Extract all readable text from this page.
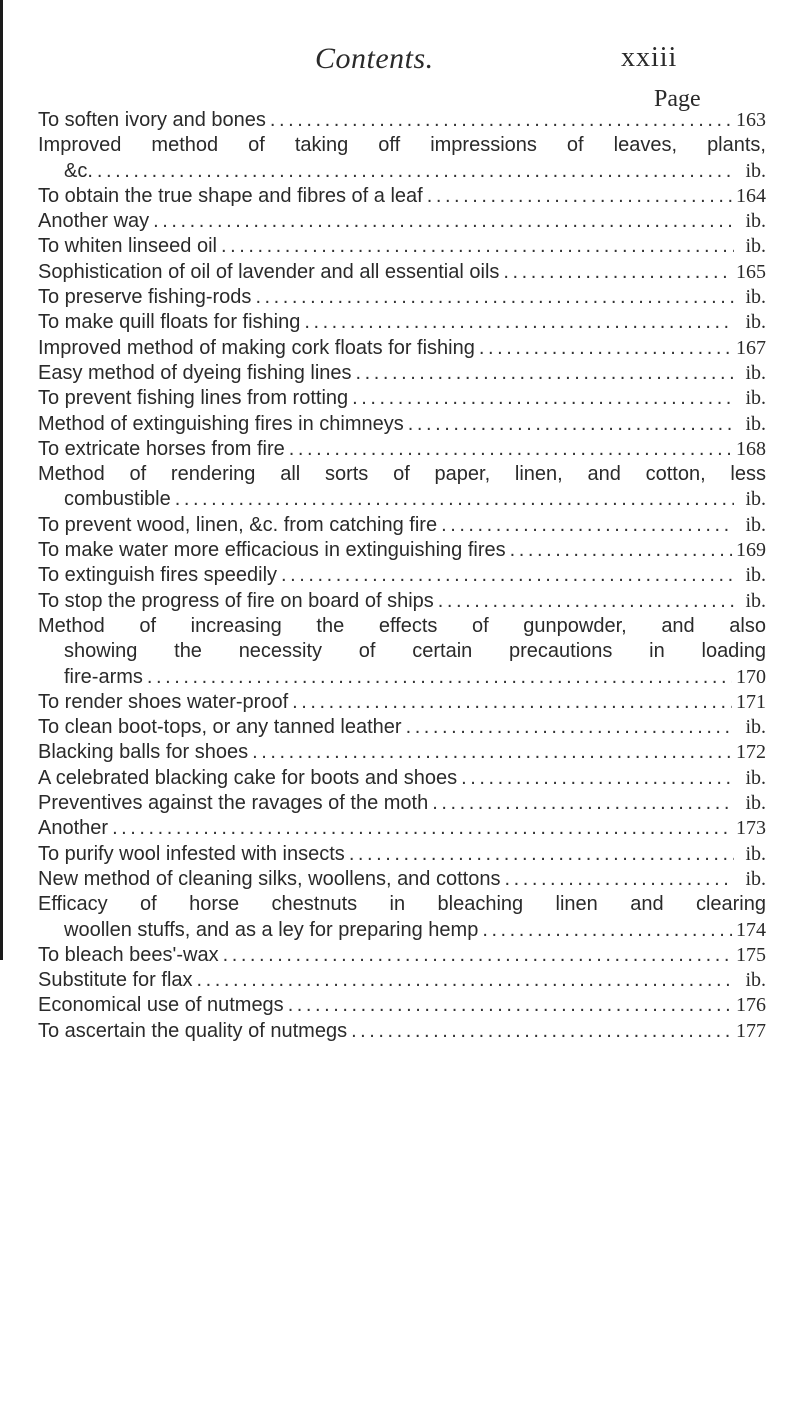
Contents.	xxiii
Page
To soften ivory and bones . . .	163
Improved method of taking off impressions of leaves, plants,
&c. . . .	ib.
To obtain the true shape and fibres of a leaf . . .	164
Another way . . .	ib.
To whiten linseed oil . . .	ib.
Sophistication of oil of lavender and all essential oils . . .	165
To preserve fishing-rods . . .	ib.
To make quill floats for fishing . . .	ib.
Improved method of making cork floats for fishing . . .	167
Easy method of dyeing fishing lines . . .	ib.
To prevent fishing lines from rotting . . .	ib.
Method of extinguishing fires in chimneys . . .	ib.
To extricate horses from fire . . .	168
Method of rendering all sorts of paper, linen, and cotton, less
combustible . . .	ib.
To prevent wood, linen, &c. from catching fire . . .	ib.
To make water more efficacious in extinguishing fires . . .	169
To extinguish fires speedily . . .	ib.
To stop the progress of fire on board of ships . . .	ib.
Method of increasing the effects of gunpowder, and also
showing the necessity of certain precautions in loading
fire-arms . . .	170
To render shoes water-proof . . .	171
To clean boot-tops, or any tanned leather . . .	ib.
Blacking balls for shoes . . .	172
A celebrated blacking cake for boots and shoes . . .	ib.
Preventives against the ravages of the moth . . .	ib.
Another . . .	173
To purify wool infested with insects . . .	ib.
New method of cleaning silks, woollens, and cottons . . .	ib.
Efficacy of horse chestnuts in bleaching linen and clearing
woollen stuffs, and as a ley for preparing hemp . . .	174
To bleach bees'-wax . . .	175
Substitute for flax . . .	ib.
Economical use of nutmegs . . .	176
To ascertain the quality of nutmegs . . .	177
